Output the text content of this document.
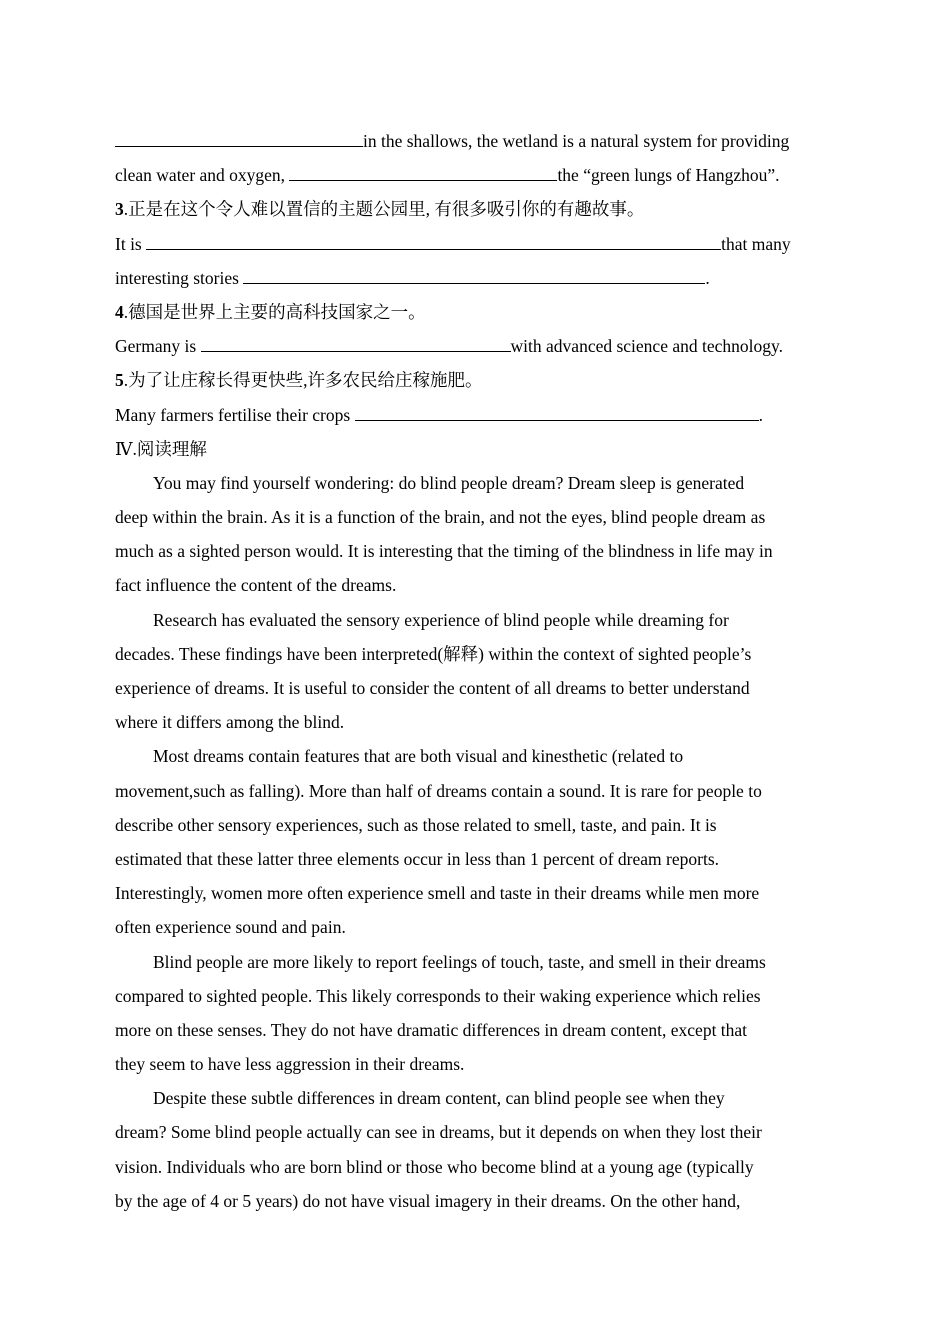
in the shallows, the wetland is a natural system for providing
clean water and oxygen,	the “green lungs of Hangzhou”.
3.正是在这个令人难以置信的主题公园里, 有很多吸引你的有趣故事。
It is	that many
interesting stories	.
4.德国是世界上主要的高科技国家之一。
Germany is	with advanced science and technology.
5.为了让庄稼长得更快些,许多农民给庄稼施肥。
Many farmers fertilise their crops	.
Ⅳ.阅读理解
You may find yourself wondering: do blind people dream? Dream sleep is generated
deep within the brain. As it is a function of the brain, and not the eyes, blind people dream as
much as a sighted person would. It is interesting that the timing of the blindness in life may in
fact influence the content of the dreams.
Research has evaluated the sensory experience of blind people while dreaming for
decades. These findings have been interpreted(解释) within the context of sighted people’s
experience of dreams. It is useful to consider the content of all dreams to better understand
where it differs among the blind.
Most dreams contain features that are both visual and kinesthetic (related to
movement,such as falling). More than half of dreams contain a sound. It is rare for people to
describe other sensory experiences, such as those related to smell, taste, and pain. It is
estimated that these latter three elements occur in less than 1 percent of dream reports.
Interestingly, women more often experience smell and taste in their dreams while men more
often experience sound and pain.
Blind people are more likely to report feelings of touch, taste, and smell in their dreams
compared to sighted people. This likely corresponds to their waking experience which relies
more on these senses. They do not have dramatic differences in dream content, except that
they seem to have less aggression in their dreams.
Despite these subtle differences in dream content, can blind people see when they
dream? Some blind people actually can see in dreams, but it depends on when they lost their
vision. Individuals who are born blind or those who become blind at a young age (typically
by the age of 4 or 5 years) do not have visual imagery in their dreams. On the other hand,
